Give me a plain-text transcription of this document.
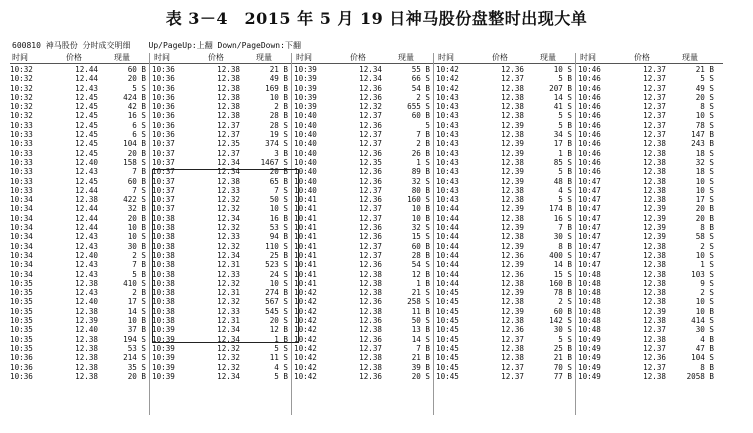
表 3－4　2015 年 5 月 19 日神马股份盘整时出现大单
600810 神马股份 分时成交明细 Up/PageUp:上翻 Down/PageDown:下翻
时间	价格	现量
10:32	12.44	60 B
10:32	12.44	20 B
10:32	12.43	5 S
10:32	12.45	424 B
10:32	12.45	42 B
10:32	12.45	16 S
10:33	12.45	6 S
10:33	12.45	6 S
10:33	12.45	104 B
10:33	12.45	20 B
10:33	12.40	158 S
10:33	12.43	7 B
10:33	12.45	60 B
10:33	12.44	7 S
10:34	12.38	422 S
10:34	12.44	32 B
10:34	12.44	20 B
10:34	12.44	10 B
10:34	12.43	10 S
10:34	12.43	30 B
10:34	12.40	2 S
10:34	12.43	7 B
10:34	12.43	5 B
10:35	12.38	410 S
10:35	12.43	2 B
10:35	12.40	17 S
10:35	12.38	14 S
10:35	12.39	10 B
10:35	12.40	37 B
10:35	12.38	194 S
10:35	12.38	53 S
10:36	12.38	214 S
10:36	12.38	35 S
10:36	12.38	20 B
时间	价格	现量
10:36	12.38	21 B
10:36	12.38	49 B
10:36	12.38	169 B
10:36	12.38	10 B
10:36	12.38	2 B
10:36	12.38	28 B
10:36	12.37	28 S
10:36	12.37	19 S
10:37	12.35	374 S
10:37	12.37	3 B
10:37	12.34	1467 S
10:37	12.34	20 B
10:37	12.38	65 B
10:37	12.33	7 S
10:37	12.32	50 S
10:37	12.32	10 S
10:38	12.34	16 B
10:38	12.32	53 S
10:38	12.33	94 B
10:38	12.32	110 S
10:38	12.34	25 B
10:38	12.31	523 S
10:38	12.33	24 S
10:38	12.32	10 S
10:38	12.31	274 B
10:38	12.32	567 S
10:38	12.33	545 S
10:38	12.31	20 S
10:39	12.34	12 B
10:39	12.34	1 B
10:39	12.32	5 S
10:39	12.32	11 S
10:39	12.32	4 S
10:39	12.34	5 B
时间	价格	现量
10:39	12.34	55 B
10:39	12.34	66 S
10:39	12.36	54 B
10:39	12.36	2 S
10:39	12.32	655 S
10:40	12.37	60 B
10:40	12.36	5
10:40	12.37	7 B
10:40	12.37	2 B
10:40	12.36	26 B
10:40	12.35	1 S
10:40	12.36	89 B
10:40	12.36	32 S
10:40	12.37	80 B
10:41	12.36	160 S
10:41	12.37	10 B
10:41	12.37	10 B
10:41	12.36	32 S
10:41	12.36	15 S
10:41	12.37	60 B
10:41	12.37	28 B
10:41	12.36	54 S
10:41	12.38	12 B
10:41	12.38	1 B
10:42	12.38	21 S
10:42	12.36	258 S
10:42	12.38	11 B
10:42	12.36	50 S
10:42	12.38	13 B
10:42	12.36	14 S
10:42	12.37	7 B
10:42	12.38	21 B
10:42	12.38	39 B
10:42	12.36	20 S
时间	价格	现量
10:42	12.36	10 S
10:42	12.37	5 B
10:42	12.38	207 B
10:43	12.38	14 S
10:43	12.38	41 S
10:43	12.38	5 S
10:43	12.39	5 B
10:43	12.38	34 S
10:43	12.39	17 B
10:43	12.39	1 B
10:43	12.38	85 S
10:43	12.39	5 B
10:43	12.39	48 B
10:43	12.38	4 S
10:43	12.38	5 S
10:44	12.39	174 B
10:44	12.38	16 S
10:44	12.39	7 B
10:44	12.38	30 S
10:44	12.39	8 B
10:44	12.36	400 S
10:44	12.39	14 B
10:44	12.36	15 S
10:44	12.38	160 B
10:45	12.39	78 B
10:45	12.38	2 S
10:45	12.39	60 B
10:45	12.38	142 S
10:45	12.36	30 S
10:45	12.37	5 S
10:45	12.38	25 B
10:45	12.38	21 B
10:45	12.37	70 S
10:45	12.37	77 B
时间	价格	现量
10:46	12.37	21 B
10:46	12.37	5 S
10:46	12.37	49 S
10:46	12.37	20 S
10:46	12.37	8 S
10:46	12.37	10 S
10:46	12.37	78 S
10:46	12.37	147 B
10:46	12.38	243 B
10:46	12.38	18 S
10:46	12.38	32 S
10:46	12.38	18 S
10:47	12.38	10 S
10:47	12.38	10 S
10:47	12.38	17 S
10:47	12.39	20 B
10:47	12.39	20 B
10:47	12.39	8 B
10:47	12.39	58 S
10:47	12.38	2 S
10:47	12.38	10 S
10:47	12.38	1 S
10:48	12.38	103 S
10:48	12.38	9 S
10:48	12.38	2 S
10:48	12.38	10 S
10:48	12.39	10 B
10:48	12.38	414 S
10:48	12.37	30 S
10:49	12.38	4 B
10:49	12.37	47 B
10:49	12.36	104 S
10:49	12.37	8 B
10:49	12.38	2058 B
